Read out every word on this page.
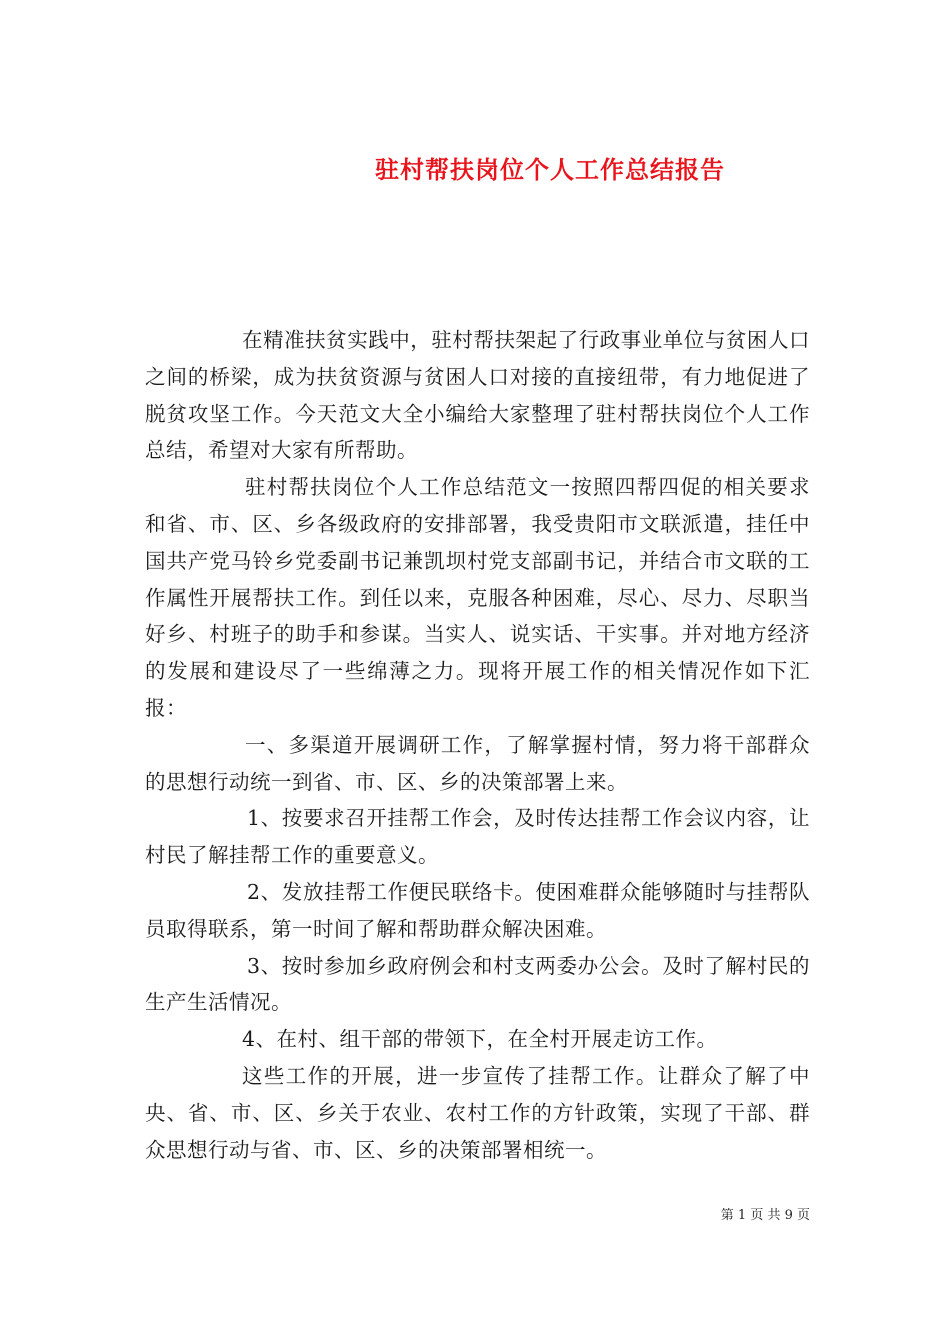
驻村帮扶岗位个人工作总结报告

在精准扶贫实践中，驻村帮扶架起了行政事业单位与贫困人口之间的桥梁，成为扶贫资源与贫困人口对接的直接纽带，有力地促进了脱贫攻坚工作。今天范文大全小编给大家整理了驻村帮扶岗位个人工作总结，希望对大家有所帮助。

驻村帮扶岗位个人工作总结范文一按照四帮四促的相关要求和省、市、区、乡各级政府的安排部署，我受贵阳市文联派遣，挂任中国共产党马铃乡党委副书记兼凯坝村党支部副书记，并结合市文联的工作属性开展帮扶工作。到任以来，克服各种困难，尽心、尽力、尽职当好乡、村班子的助手和参谋。当实人、说实话、干实事。并对地方经济的发展和建设尽了一些绵薄之力。现将开展工作的相关情况作如下汇报：

一、多渠道开展调研工作，了解掌握村情，努力将干部群众的思想行动统一到省、市、区、乡的决策部署上来。

1、按要求召开挂帮工作会，及时传达挂帮工作会议内容，让村民了解挂帮工作的重要意义。

2、发放挂帮工作便民联络卡。使困难群众能够随时与挂帮队员取得联系，第一时间了解和帮助群众解决困难。

3、按时参加乡政府例会和村支两委办公会。及时了解村民的生产生活情况。

4、在村、组干部的带领下，在全村开展走访工作。

这些工作的开展，进一步宣传了挂帮工作。让群众了解了中央、省、市、区、乡关于农业、农村工作的方针政策，实现了干部、群众思想行动与省、市、区、乡的决策部署相统一。

第 1 页 共 9 页
